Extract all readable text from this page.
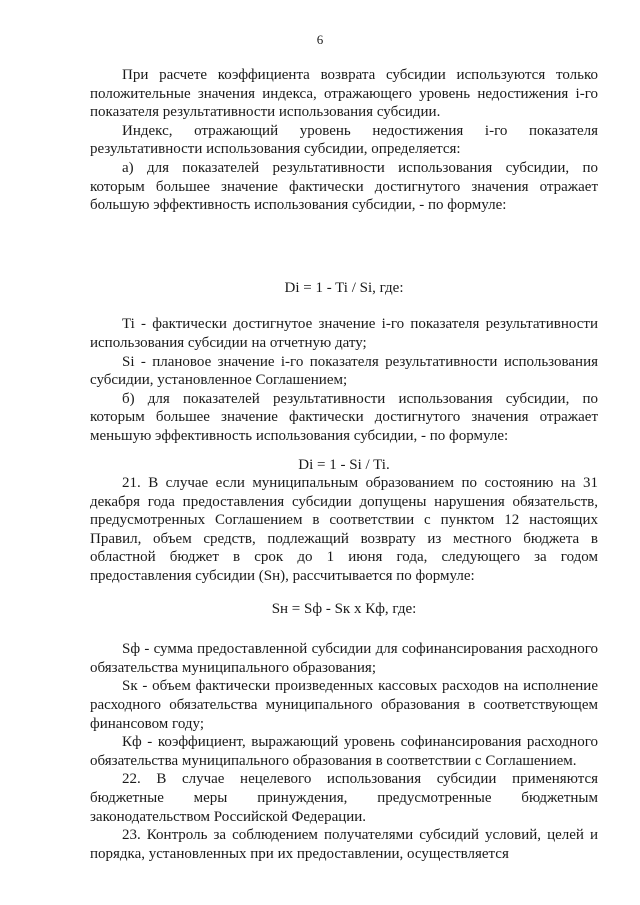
6

При расчете коэффициента возврата субсидии используются только положительные значения индекса, отражающего уровень недостижения i-го показателя результативности использования субсидии.

Индекс, отражающий уровень недостижения i-го показателя результативности использования субсидии, определяется:

а) для показателей результативности использования субсидии, по которым большее значение фактически достигнутого значения отражает большую эффективность использования субсидии, - по формуле:

Di = 1 - Ti / Si, где:

Ti - фактически достигнутое значение i-го показателя результативности использования субсидии на отчетную дату;

Si - плановое значение i-го показателя результативности использования субсидии, установленное Соглашением;

б) для показателей результативности использования субсидии, по которым большее значение фактически достигнутого значения отражает меньшую эффективность использования субсидии, - по формуле:

Di = 1 - Si / Ti.

21. В случае если муниципальным образованием по состоянию на 31 декабря года предоставления субсидии допущены нарушения обязательств, предусмотренных Соглашением в соответствии с пунктом 12 настоящих Правил, объем средств, подлежащий возврату из местного бюджета в областной бюджет в срок до 1 июня года, следующего за годом предоставления субсидии (Sн), рассчитывается по формуле:

Sн = Sф - Sк x Кф, где:

Sф - сумма предоставленной субсидии для софинансирования расходного обязательства муниципального образования;

Sк - объем фактически произведенных кассовых расходов на исполнение расходного обязательства муниципального образования в соответствующем финансовом году;

Кф - коэффициент, выражающий уровень софинансирования расходного обязательства муниципального образования в соответствии с Соглашением.

22. В случае нецелевого использования субсидии применяются бюджетные меры принуждения, предусмотренные бюджетным законодательством Российской Федерации.

23. Контроль за соблюдением получателями субсидий условий, целей и порядка, установленных при их предоставлении, осуществляется
